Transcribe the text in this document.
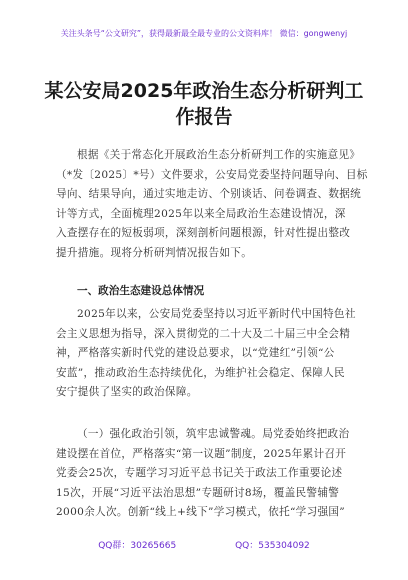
关注头条号“公文研究”，获得最新最全最专业的公文资料库！ 微信：gongwenyj
某公安局2025年政治生态分析研判工
作报告
根据《关于常态化开展政治生态分析研判工作的实施意见》
（*发〔2025〕*号）文件要求，公安局党委坚持问题导向、目标
导向、结果导向，通过实地走访、个别谈话、问卷调查、数据统
计等方式，全面梳理2025年以来全局政治生态建设情况，深
入查摆存在的短板弱项，深刻剖析问题根源，针对性提出整改
提升措施。现将分析研判情况报告如下。
一、政治生态建设总体情况
2025年以来，公安局党委坚持以习近平新时代中国特色社
会主义思想为指导，深入贯彻党的二十大及二十届三中全会精
神，严格落实新时代党的建设总要求，以“党建红”引领“公
安蓝”，推动政治生态持续优化，为维护社会稳定、保障人民
安宁提供了坚实的政治保障。
（一）强化政治引领，筑牢忠诚警魂。局党委始终把政治
建设摆在首位，严格落实“第一议题”制度，2025年累计召开
党委会25次，专题学习习近平总书记关于政法工作重要论述
15次，开展“习近平法治思想”专题研讨8场，覆盖民警辅警
2000余人次。创新“线上+线下”学习模式，依托“学习强国”
QQ群：30265665	QQ：535304092
